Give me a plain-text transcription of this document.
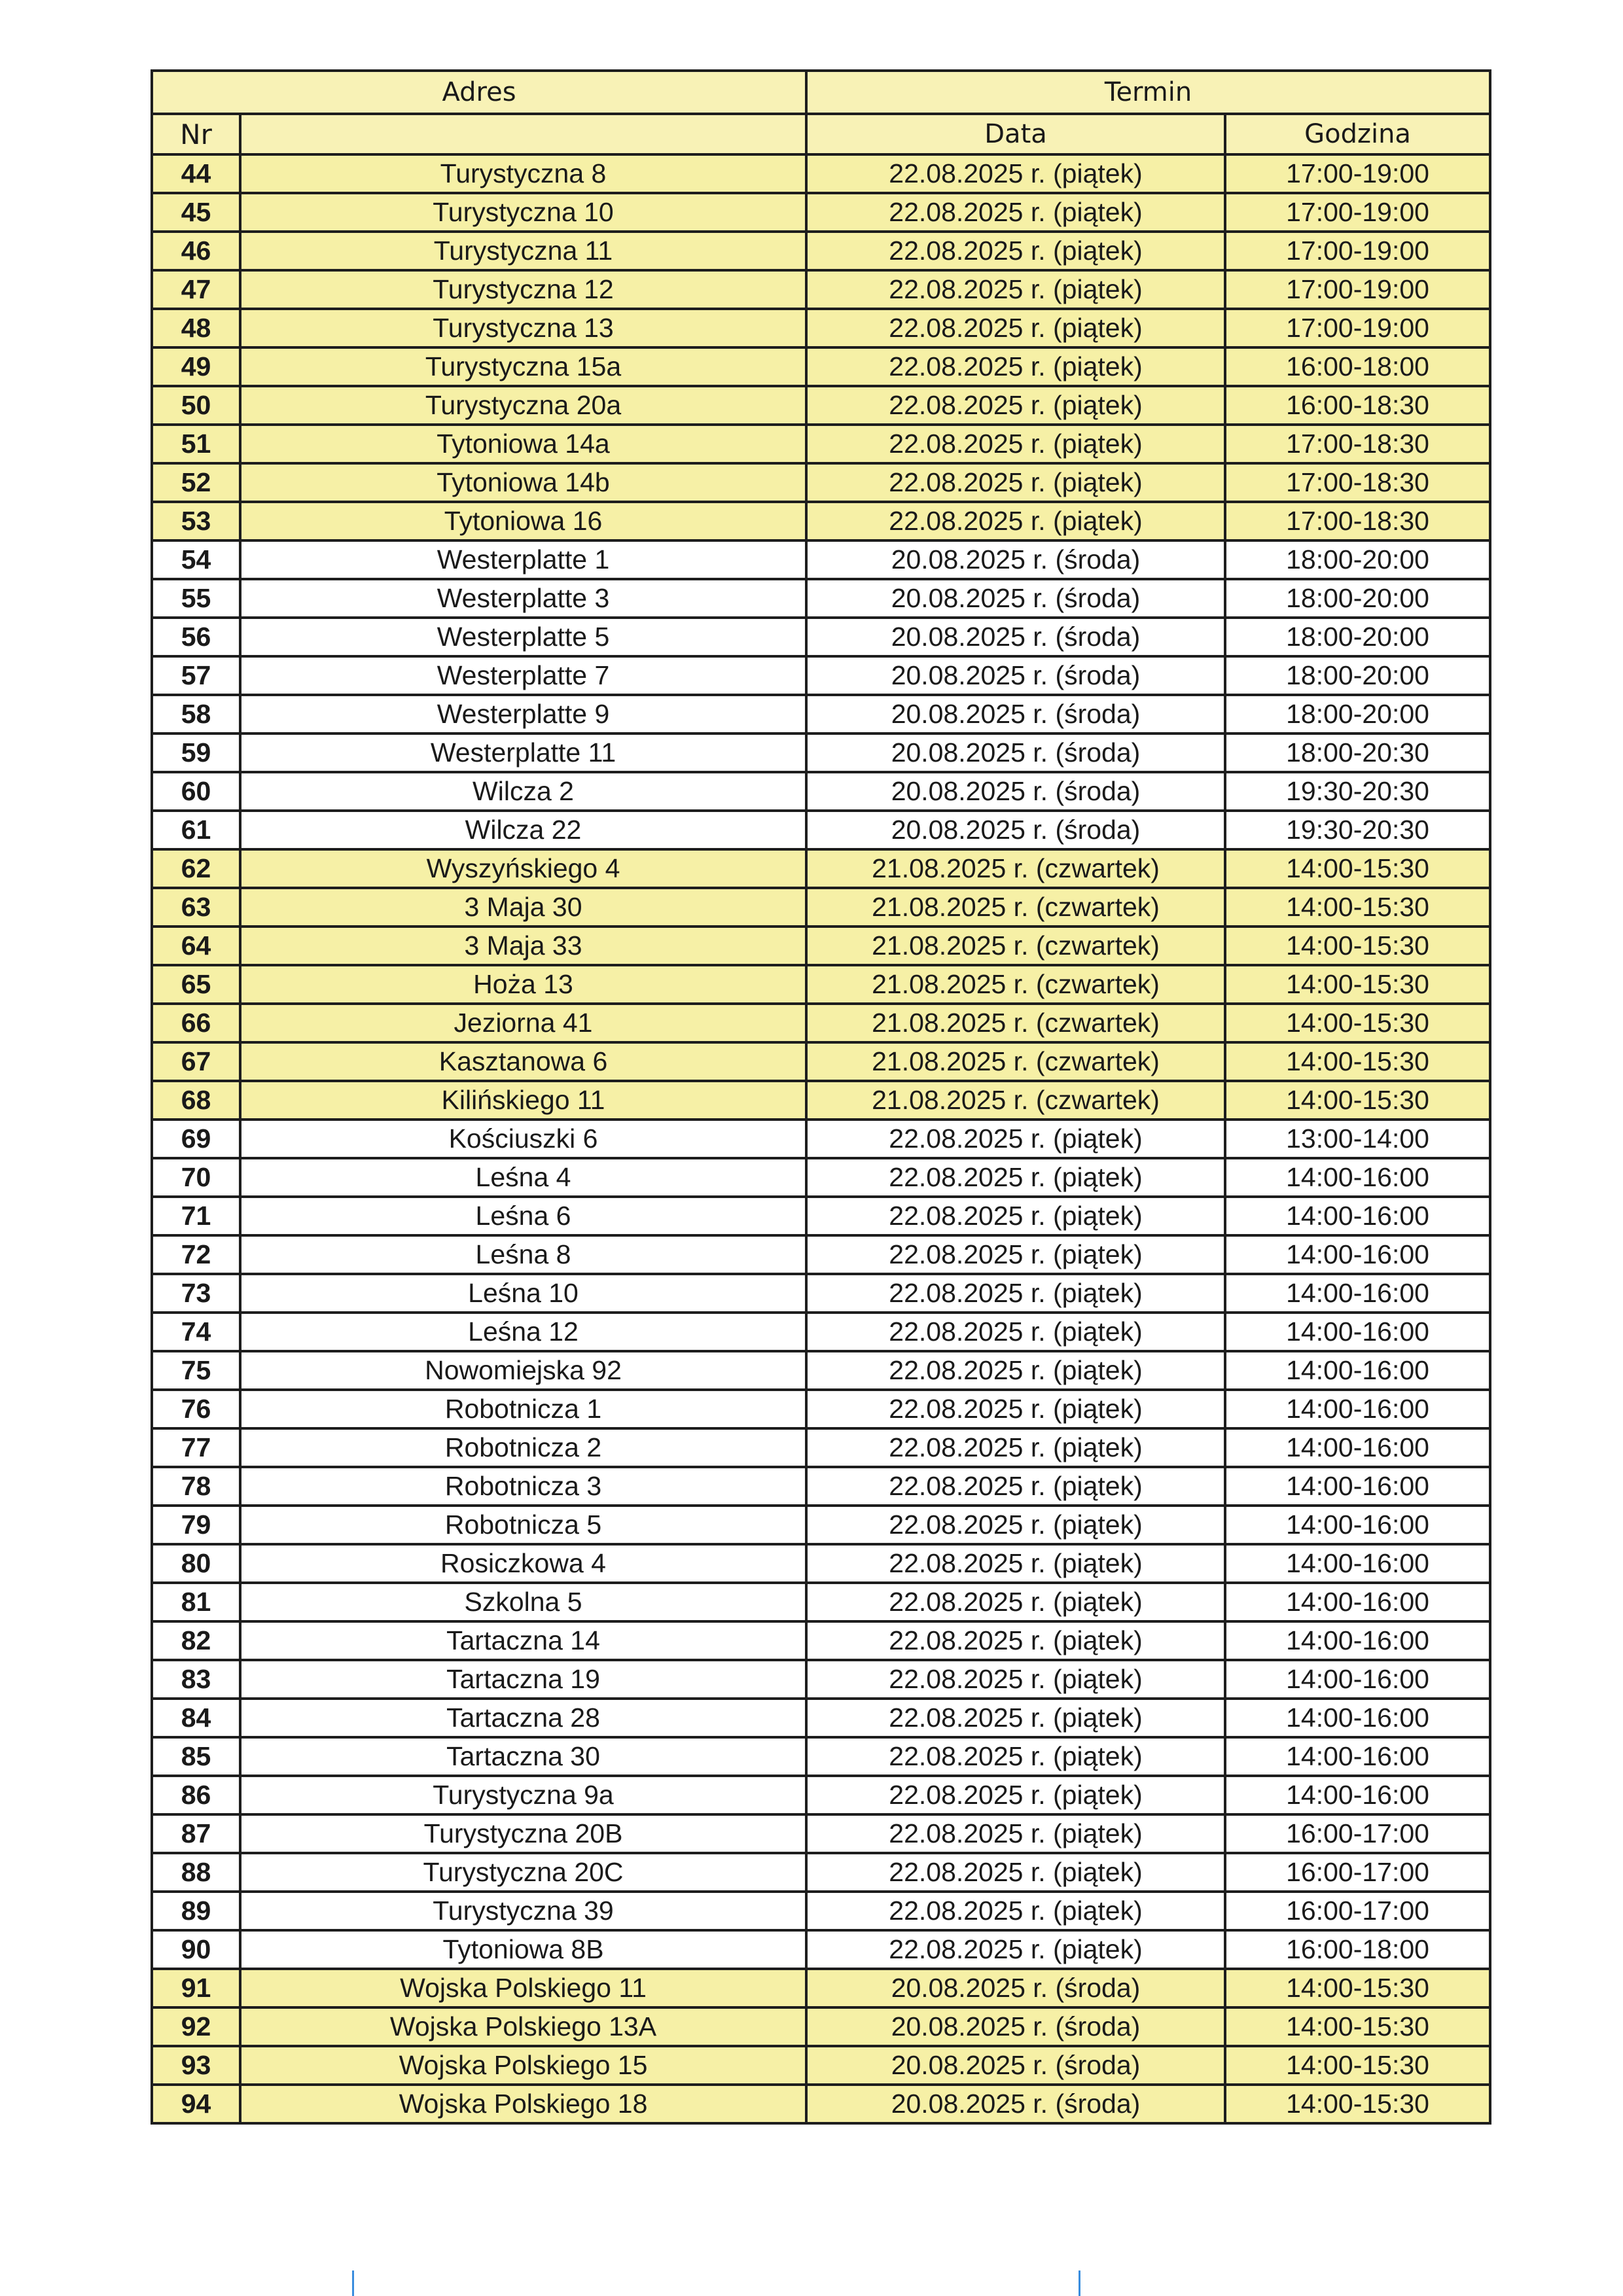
Adres		Termin	
Nr		Data	Godzina
44	Turystyczna 8	22.08.2025 r. (piątek)	17:00-19:00
45	Turystyczna 10	22.08.2025 r. (piątek)	17:00-19:00
46	Turystyczna 11	22.08.2025 r. (piątek)	17:00-19:00
47	Turystyczna 12	22.08.2025 r. (piątek)	17:00-19:00
48	Turystyczna 13	22.08.2025 r. (piątek)	17:00-19:00
49	Turystyczna 15a	22.08.2025 r. (piątek)	16:00-18:00
50	Turystyczna 20a	22.08.2025 r. (piątek)	16:00-18:30
51	Tytoniowa 14a	22.08.2025 r. (piątek)	17:00-18:30
52	Tytoniowa 14b	22.08.2025 r. (piątek)	17:00-18:30
53	Tytoniowa 16	22.08.2025 r. (piątek)	17:00-18:30
54	Westerplatte 1	20.08.2025 r. (środa)	18:00-20:00
55	Westerplatte 3	20.08.2025 r. (środa)	18:00-20:00
56	Westerplatte 5	20.08.2025 r. (środa)	18:00-20:00
57	Westerplatte 7	20.08.2025 r. (środa)	18:00-20:00
58	Westerplatte 9	20.08.2025 r. (środa)	18:00-20:00
59	Westerplatte 11	20.08.2025 r. (środa)	18:00-20:30
60	Wilcza 2	20.08.2025 r. (środa)	19:30-20:30
61	Wilcza 22	20.08.2025 r. (środa)	19:30-20:30
62	Wyszyńskiego 4	21.08.2025 r. (czwartek)	14:00-15:30
63	3 Maja 30	21.08.2025 r. (czwartek)	14:00-15:30
64	3 Maja 33	21.08.2025 r. (czwartek)	14:00-15:30
65	Hoża 13	21.08.2025 r. (czwartek)	14:00-15:30
66	Jeziorna 41	21.08.2025 r. (czwartek)	14:00-15:30
67	Kasztanowa 6	21.08.2025 r. (czwartek)	14:00-15:30
68	Kilińskiego 11	21.08.2025 r. (czwartek)	14:00-15:30
69	Kościuszki 6	22.08.2025 r. (piątek)	13:00-14:00
70	Leśna 4	22.08.2025 r. (piątek)	14:00-16:00
71	Leśna 6	22.08.2025 r. (piątek)	14:00-16:00
72	Leśna 8	22.08.2025 r. (piątek)	14:00-16:00
73	Leśna 10	22.08.2025 r. (piątek)	14:00-16:00
74	Leśna 12	22.08.2025 r. (piątek)	14:00-16:00
75	Nowomiejska 92	22.08.2025 r. (piątek)	14:00-16:00
76	Robotnicza 1	22.08.2025 r. (piątek)	14:00-16:00
77	Robotnicza 2	22.08.2025 r. (piątek)	14:00-16:00
78	Robotnicza 3	22.08.2025 r. (piątek)	14:00-16:00
79	Robotnicza 5	22.08.2025 r. (piątek)	14:00-16:00
80	Rosiczkowa 4	22.08.2025 r. (piątek)	14:00-16:00
81	Szkolna 5	22.08.2025 r. (piątek)	14:00-16:00
82	Tartaczna 14	22.08.2025 r. (piątek)	14:00-16:00
83	Tartaczna 19	22.08.2025 r. (piątek)	14:00-16:00
84	Tartaczna 28	22.08.2025 r. (piątek)	14:00-16:00
85	Tartaczna 30	22.08.2025 r. (piątek)	14:00-16:00
86	Turystyczna 9a	22.08.2025 r. (piątek)	14:00-16:00
87	Turystyczna 20B	22.08.2025 r. (piątek)	16:00-17:00
88	Turystyczna 20C	22.08.2025 r. (piątek)	16:00-17:00
89	Turystyczna 39	22.08.2025 r. (piątek)	16:00-17:00
90	Tytoniowa 8B	22.08.2025 r. (piątek)	16:00-18:00
91	Wojska Polskiego 11	20.08.2025 r. (środa)	14:00-15:30
92	Wojska Polskiego 13A	20.08.2025 r. (środa)	14:00-15:30
93	Wojska Polskiego 15	20.08.2025 r. (środa)	14:00-15:30
94	Wojska Polskiego 18	20.08.2025 r. (środa)	14:00-15:30
